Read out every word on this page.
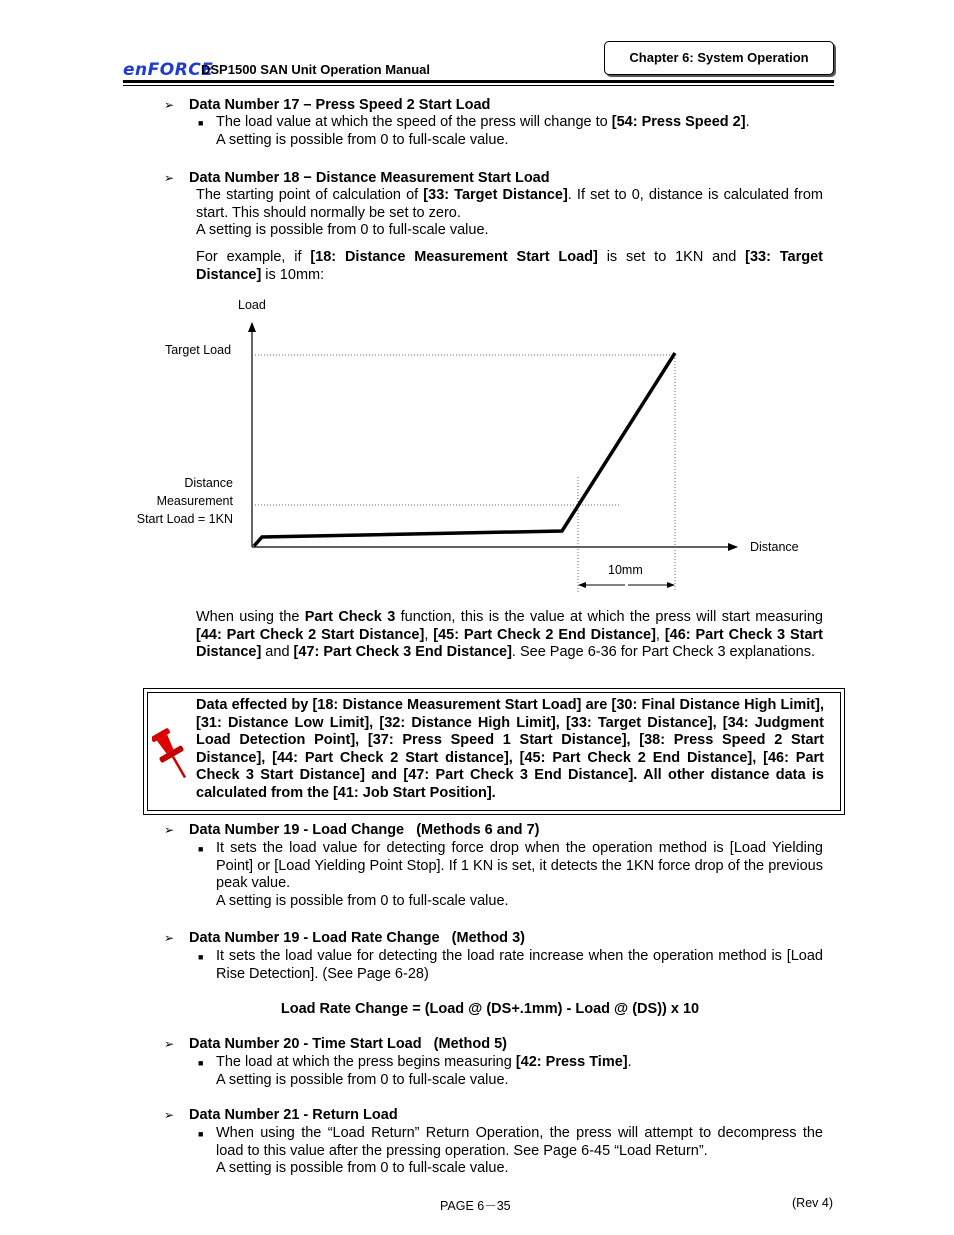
enFORCE
DSP1500 SAN Unit Operation Manual
Chapter 6: System Operation
➢ Data Number 17 – Press Speed 2 Start Load
■ The load value at which the speed of the press will change to [54: Press Speed 2].
A setting is possible from 0 to full-scale value.
➢ Data Number 18 − Distance Measurement Start Load
The starting point of calculation of [33: Target Distance]. If set to 0, distance is calculated from start. This should normally be set to zero.
A setting is possible from 0 to full-scale value.
For example, if [18: Distance Measurement Start Load] is set to 1KN and [33: Target Distance] is 10mm:
Load
Target Load
Distance
Measurement
Start Load = 1KN
Distance
10mm
When using the Part Check 3 function, this is the value at which the press will start measuring [44: Part Check 2 Start Distance], [45: Part Check 2 End Distance], [46: Part Check 3 Start Distance] and [47: Part Check 3 End Distance]. See Page 6-36 for Part Check 3 explanations.
Data effected by [18: Distance Measurement Start Load] are [30: Final Distance High Limit], [31: Distance Low Limit], [32: Distance High Limit], [33: Target Distance], [34: Judgment Load Detection Point], [37: Press Speed 1 Start Distance], [38: Press Speed 2 Start Distance], [44: Part Check 2 Start distance], [45: Part Check 2 End Distance], [46: Part Check 3 Start Distance] and [47: Part Check 3 End Distance]. All other distance data is calculated from the [41: Job Start Position].
➢ Data Number 19 - Load Change   (Methods 6 and 7)
■ It sets the load value for detecting force drop when the operation method is [Load Yielding Point] or [Load Yielding Point Stop]. If 1 KN is set, it detects the 1KN force drop of the previous peak value.
A setting is possible from 0 to full-scale value.
➢ Data Number 19 - Load Rate Change   (Method 3)
■ It sets the load value for detecting the load rate increase when the operation method is [Load Rise Detection]. (See Page 6-28)
Load Rate Change = (Load @ (DS+.1mm) - Load @ (DS)) x 10
➢ Data Number 20 - Time Start Load   (Method 5)
■ The load at which the press begins measuring [42: Press Time].
A setting is possible from 0 to full-scale value.
➢ Data Number 21 - Return Load
■ When using the “Load Return” Return Operation, the press will attempt to decompress the load to this value after the pressing operation. See Page 6-45 “Load Return”.
A setting is possible from 0 to full-scale value.
PAGE 6－35	(Rev 4)
